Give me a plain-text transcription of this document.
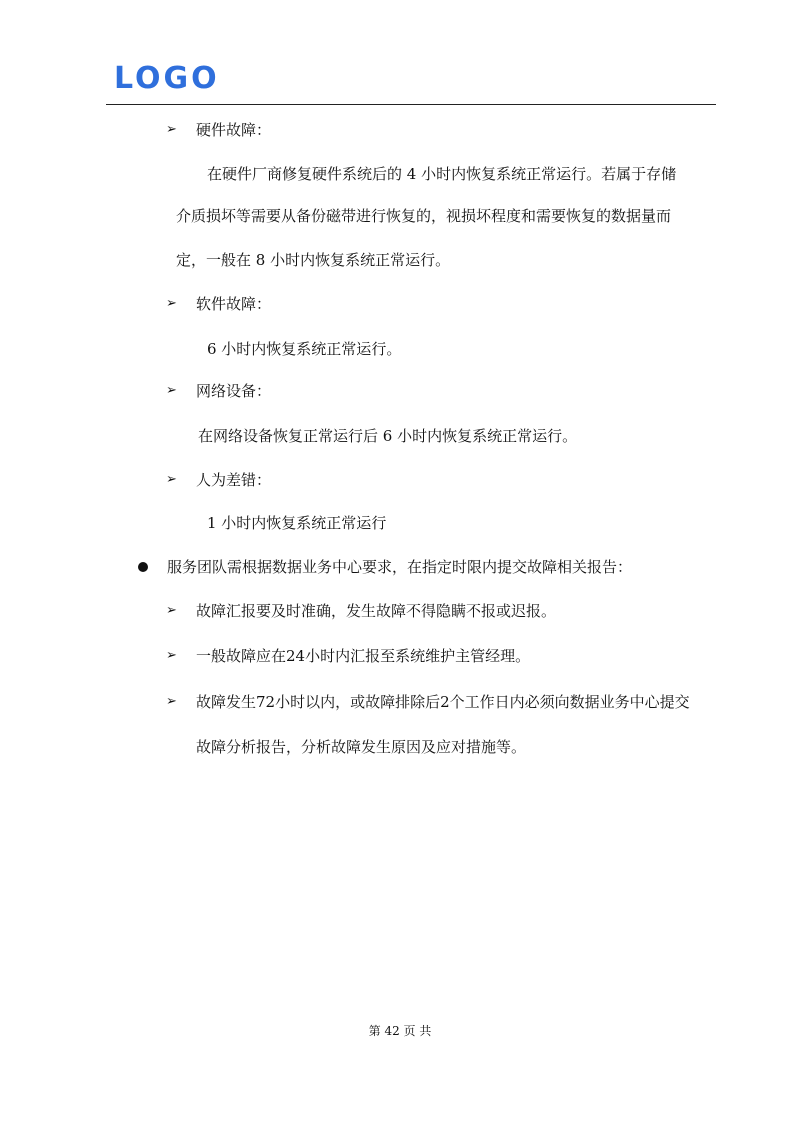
LOGO
➢ 硬件故障：
在硬件厂商修复硬件系统后的 4 小时内恢复系统正常运行。若属于存储
介质损坏等需要从备份磁带进行恢复的，视损坏程度和需要恢复的数据量而
定，一般在 8 小时内恢复系统正常运行。
➢ 软件故障：
6 小时内恢复系统正常运行。
➢ 网络设备：
在网络设备恢复正常运行后 6 小时内恢复系统正常运行。
➢ 人为差错：
1 小时内恢复系统正常运行
服务团队需根据数据业务中心要求，在指定时限内提交故障相关报告：
➢ 故障汇报要及时准确，发生故障不得隐瞒不报或迟报。
➢ 一般故障应在24小时内汇报至系统维护主管经理。
➢ 故障发生72小时以内，或故障排除后2个工作日内必须向数据业务中心提交
故障分析报告，分析故障发生原因及应对措施等。
第 42 页 共
